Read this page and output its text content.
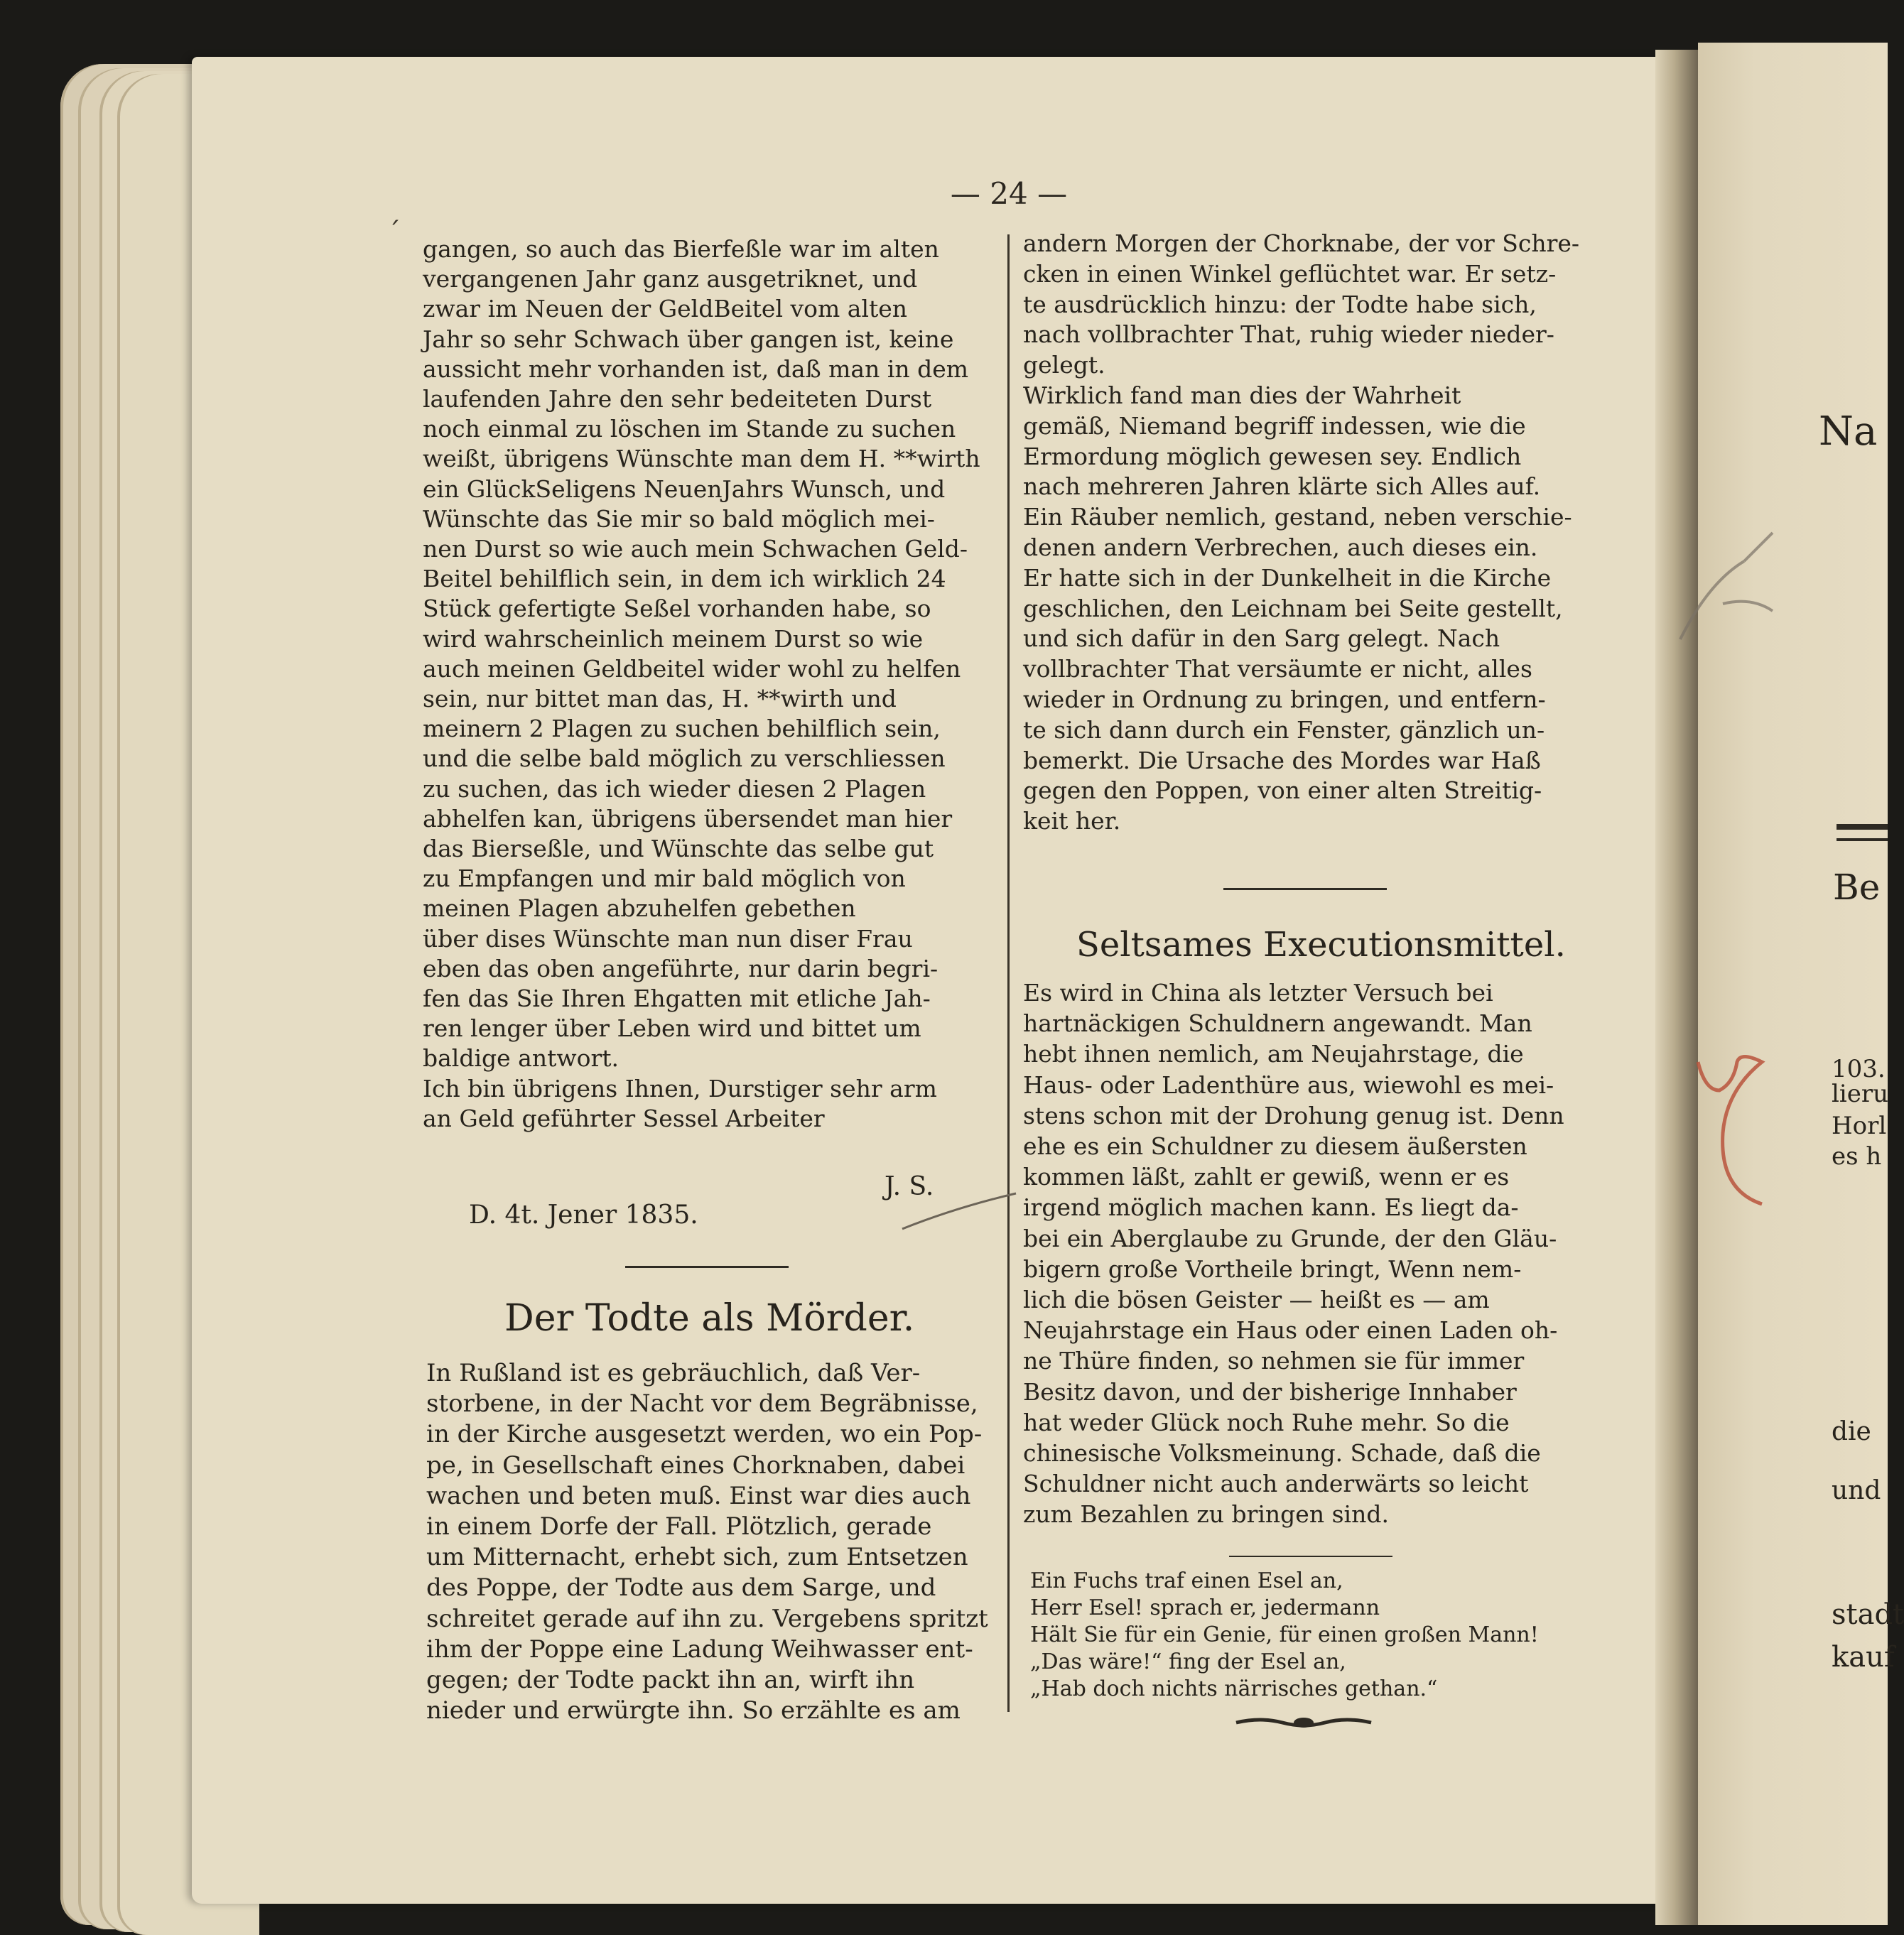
— 24 —
gangen, so auch das Bierfeßle war im alten
vergangenen Jahr ganz ausgetriknet, und
zwar im Neuen der GeldBeitel vom alten
Jahr so sehr Schwach über gangen ist, keine
aussicht mehr vorhanden ist, daß man in dem
laufenden Jahre den sehr bedeiteten Durst
noch einmal zu löschen im Stande zu suchen
weißt, übrigens Wünschte man dem H. **wirth
ein GlückSeligens NeuenJahrs Wunsch, und
Wünschte das Sie mir so bald möglich mei-
nen Durst so wie auch mein Schwachen Geld-
Beitel behilflich sein, in dem ich wirklich 24
Stück gefertigte Seßel vorhanden habe, so
wird wahrscheinlich meinem Durst so wie
auch meinen Geldbeitel wider wohl zu helfen
sein, nur bittet man das, H. **wirth und
meinern 2 Plagen zu suchen behilflich sein,
und die selbe bald möglich zu verschliessen
zu suchen, das ich wieder diesen 2 Plagen
abhelfen kan, übrigens übersendet man hier
das Bierseßle, und Wünschte das selbe gut
zu Empfangen und mir bald möglich von
meinen Plagen abzuhelfen gebethen
über dises Wünschte man nun diser Frau
eben das oben angeführte, nur darin begri-
fen das Sie Ihren Ehgatten mit etliche Jah-
ren lenger über Leben wird und bittet um
baldige antwort.
Ich bin übrigens Ihnen, Durstiger sehr arm
an Geld geführter Sessel Arbeiter
J. S.
D. 4t. Jener 1835.
Der Todte als Mörder.
In Rußland ist es gebräuchlich, daß Ver-
storbene, in der Nacht vor dem Begräbnisse,
in der Kirche ausgesetzt werden, wo ein Pop-
pe, in Gesellschaft eines Chorknaben, dabei
wachen und beten muß. Einst war dies auch
in einem Dorfe der Fall. Plötzlich, gerade
um Mitternacht, erhebt sich, zum Entsetzen
des Poppe, der Todte aus dem Sarge, und
schreitet gerade auf ihn zu. Vergebens spritzt
ihm der Poppe eine Ladung Weihwasser ent-
gegen; der Todte packt ihn an, wirft ihn
nieder und erwürgte ihn. So erzählte es am
andern Morgen der Chorknabe, der vor Schre-
cken in einen Winkel geflüchtet war. Er setz-
te ausdrücklich hinzu: der Todte habe sich,
nach vollbrachter That, ruhig wieder nieder-
gelegt.
Wirklich fand man dies der Wahrheit
gemäß, Niemand begriff indessen, wie die
Ermordung möglich gewesen sey. Endlich
nach mehreren Jahren klärte sich Alles auf.
Ein Räuber nemlich, gestand, neben verschie-
denen andern Verbrechen, auch dieses ein.
Er hatte sich in der Dunkelheit in die Kirche
geschlichen, den Leichnam bei Seite gestellt,
und sich dafür in den Sarg gelegt. Nach
vollbrachter That versäumte er nicht, alles
wieder in Ordnung zu bringen, und entfern-
te sich dann durch ein Fenster, gänzlich un-
bemerkt. Die Ursache des Mordes war Haß
gegen den Poppen, von einer alten Streitig-
keit her.
Seltsames Executionsmittel.
Es wird in China als letzter Versuch bei
hartnäckigen Schuldnern angewandt. Man
hebt ihnen nemlich, am Neujahrstage, die
Haus- oder Ladenthüre aus, wiewohl es mei-
stens schon mit der Drohung genug ist. Denn
ehe es ein Schuldner zu diesem äußersten
kommen läßt, zahlt er gewiß, wenn er es
irgend möglich machen kann. Es liegt da-
bei ein Aberglaube zu Grunde, der den Gläu-
bigern große Vortheile bringt, Wenn nem-
lich die bösen Geister — heißt es — am
Neujahrstage ein Haus oder einen Laden oh-
ne Thüre finden, so nehmen sie für immer
Besitz davon, und der bisherige Innhaber
hat weder Glück noch Ruhe mehr. So die
chinesische Volksmeinung. Schade, daß die
Schuldner nicht auch anderwärts so leicht
zum Bezahlen zu bringen sind.
Ein Fuchs traf einen Esel an,
Herr Esel! sprach er, jedermann
Hält Sie für ein Genie, für einen großen Mann!
„Das wäre!“ fing der Esel an,
„Hab doch nichts närrisches gethan.“
ˊ
Na
Be
103.
lieru
Horl
es h
die
und
stadt
kauf
